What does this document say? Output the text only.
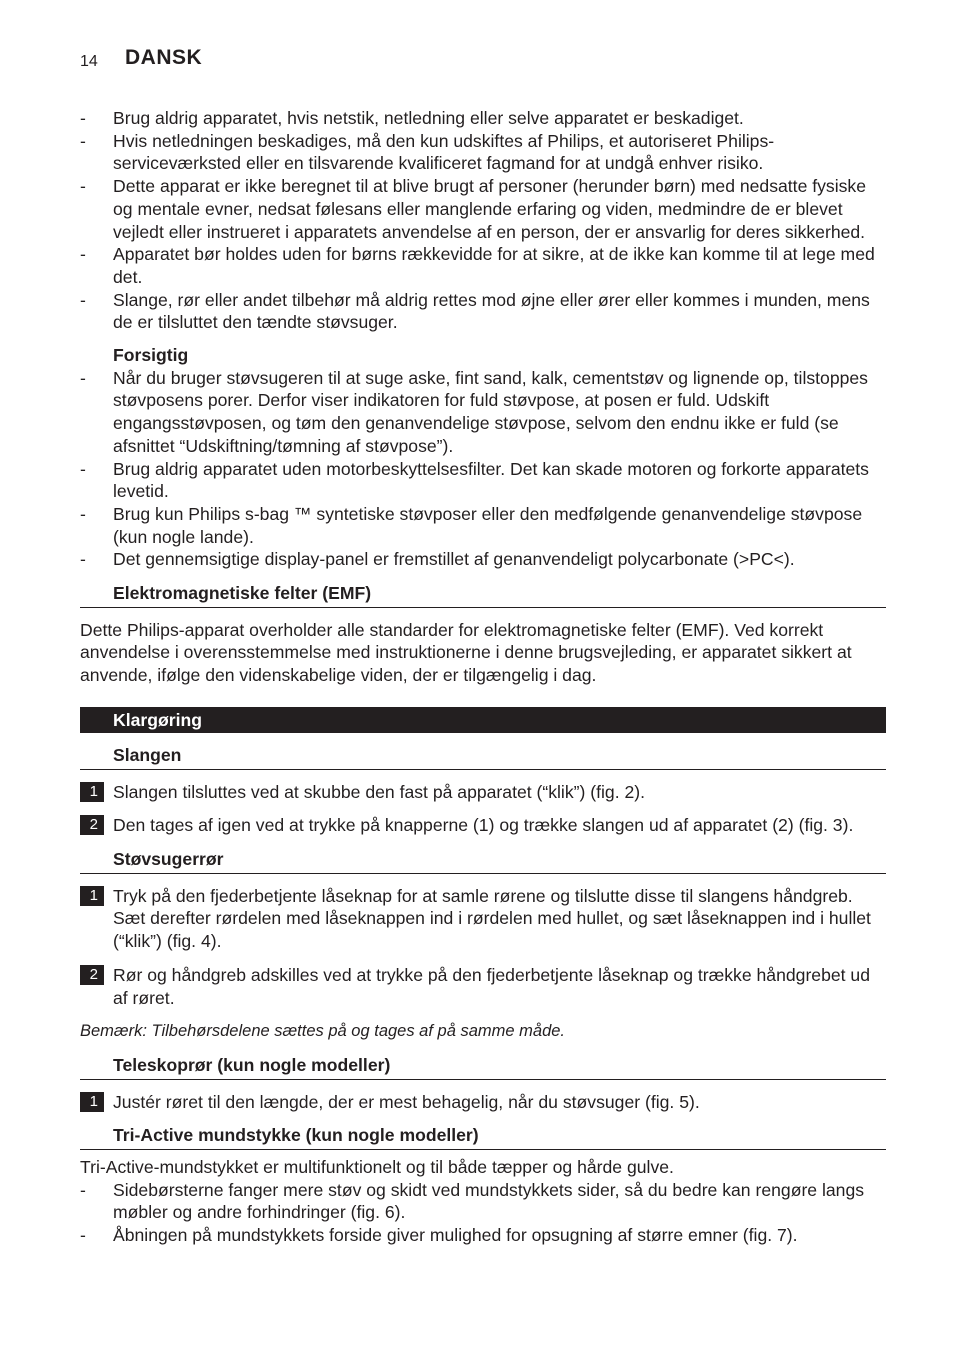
14 DANSK
- Brug aldrig apparatet, hvis netstik, netledning eller selve apparatet er beskadiget.
- Hvis netledningen beskadiges, må den kun udskiftes af Philips, et autoriseret Philips-serviceværksted eller en tilsvarende kvalificeret fagmand for at undgå enhver risiko.
- Dette apparat er ikke beregnet til at blive brugt af personer (herunder børn) med nedsatte fysiske og mentale evner, nedsat følesans eller manglende erfaring og viden, medmindre de er blevet vejledt eller instrueret i apparatets anvendelse af en person, der er ansvarlig for deres sikkerhed.
- Apparatet bør holdes uden for børns rækkevidde for at sikre, at de ikke kan komme til at lege med det.
- Slange, rør eller andet tilbehør må aldrig rettes mod øjne eller ører eller kommes i munden, mens de er tilsluttet den tændte støvsuger.
Forsigtig
- Når du bruger støvsugeren til at suge aske, fint sand, kalk, cementstøv og lignende op, tilstoppes støvposens porer. Derfor viser indikatoren for fuld støvpose, at posen er fuld. Udskift engangsstøvposen, og tøm den genanvendelige støvpose, selvom den endnu ikke er fuld (se afsnittet “Udskiftning/tømning af støvpose”).
- Brug aldrig apparatet uden motorbeskyttelsesfilter. Det kan skade motoren og forkorte apparatets levetid.
- Brug kun Philips s-bag ™ syntetiske støvposer eller den medfølgende genanvendelige støvpose (kun nogle lande).
- Det gennemsigtige display-panel er fremstillet af genanvendeligt polycarbonate (>PC<).
Elektromagnetiske felter (EMF)
Dette Philips-apparat overholder alle standarder for elektromagnetiske felter (EMF). Ved korrekt anvendelse i overensstemmelse med instruktionerne i denne brugsvejleding, er apparatet sikkert at anvende, ifølge den videnskabelige viden, der er tilgængelig i dag.
Klargøring
Slangen
1 Slangen tilsluttes ved at skubbe den fast på apparatet (“klik”) (fig. 2).
2 Den tages af igen ved at trykke på knapperne (1) og trække slangen ud af apparatet (2) (fig. 3).
Støvsugerrør
1 Tryk på den fjederbetjente låseknap for at samle rørene og tilslutte disse til slangens håndgreb. Sæt derefter rørdelen med låseknappen ind i rørdelen med hullet, og sæt låseknappen ind i hullet (“klik”) (fig. 4).
2 Rør og håndgreb adskilles ved at trykke på den fjederbetjente låseknap og trække håndgrebet ud af røret.
Bemærk: Tilbehørsdelene sættes på og tages af på samme måde.
Teleskoprør (kun nogle modeller)
1 Justér røret til den længde, der er mest behagelig, når du støvsuger (fig. 5).
Tri-Active mundstykke (kun nogle modeller)
Tri-Active-mundstykket er multifunktionelt og til både tæpper og hårde gulve.
- Sidebørsterne fanger mere støv og skidt ved mundstykkets sider, så du bedre kan rengøre langs møbler og andre forhindringer (fig. 6).
- Åbningen på mundstykkets forside giver mulighed for opsugning af større emner (fig. 7).
